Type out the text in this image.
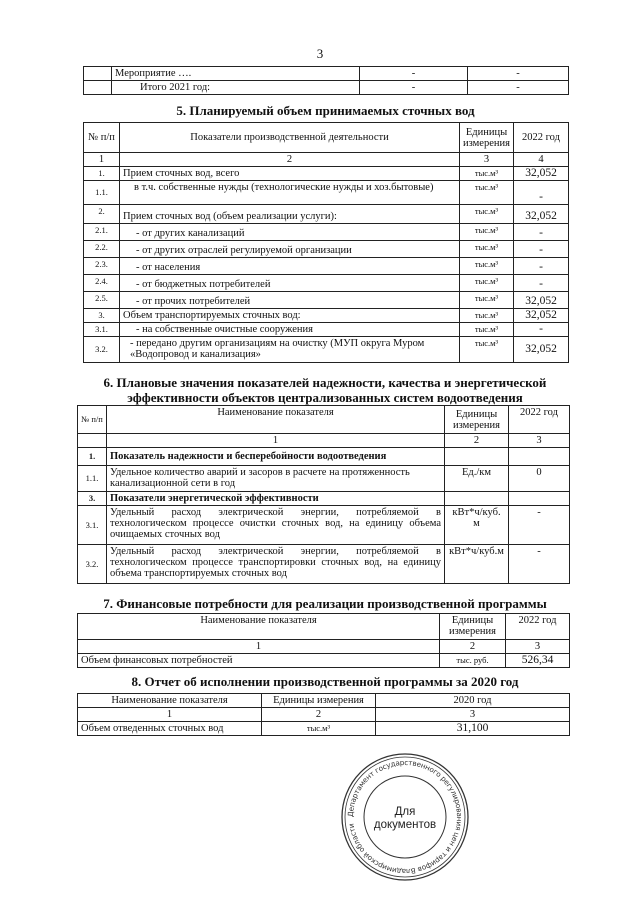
3
	Мероприятие ….	-	-
	Итого 2021 год:	-	-
5. Планируемый объем принимаемых сточных вод
№ п/п	Показатели производственной деятельности	Единицы измерения	2022 год
1	2	3	4
1.	Прием сточных вод, всего	тыс.м³	32,052
1.1.	в т.ч. собственные нужды (технологические нужды и хоз.бытовые)	тыс.м³	-
2.	Прием сточных вод (объем реализации услуги):	тыс.м³	32,052
2.1.	- от других канализаций	тыс.м³	-
2.2.	- от других отраслей регулируемой организации	тыс.м³	-
2.3.	- от населения	тыс.м³	-
2.4.	- от бюджетных потребителей	тыс.м³	-
2.5.	- от прочих потребителей	тыс.м³	32,052
3.	Объем транспортируемых сточных вод:	тыс.м³	32,052
3.1.	- на собственные очистные сооружения	тыс.м³	-
3.2.	- передано другим организациям на очистку (МУП округа Муром «Водопровод и канализация»	тыс.м³	32,052
6. Плановые значения показателей надежности, качества и энергетической
эффективности объектов централизованных систем водоотведения
№ п/п	Наименование показателя	Единицы измерения	2022 год
	1	2	3
1.	Показатель надежности и бесперебойности водоотведения		
1.1.	Удельное количество аварий и засоров в расчете на протяженность канализационной сети в год	Ед./км	0
3.	Показатели энергетической эффективности		
3.1.	Удельный расход электрической энергии, потребляемой в технологическом процессе очистки сточных вод, на единицу объема очищаемых сточных вод	кВт*ч/куб. м	-
3.2.	Удельный расход электрической энергии, потребляемой в технологическом процессе транспортировки сточных вод, на единицу объема транспортируемых сточных вод	кВт*ч/куб.м	-
7. Финансовые потребности для реализации производственной программы
Наименование показателя	Единицы измерения	2022 год
1	2	3
Объем финансовых потребностей	тыс. руб.	526,34
8. Отчет об исполнении производственной программы за 2020 год
Наименование показателя	Единицы измерения	2020 год
1	2	3
Объем отведенных сточных вод	тыс.м³	31,100
Департамент государственного регулирования цен и тарифов Владимирской области
Для
документов
